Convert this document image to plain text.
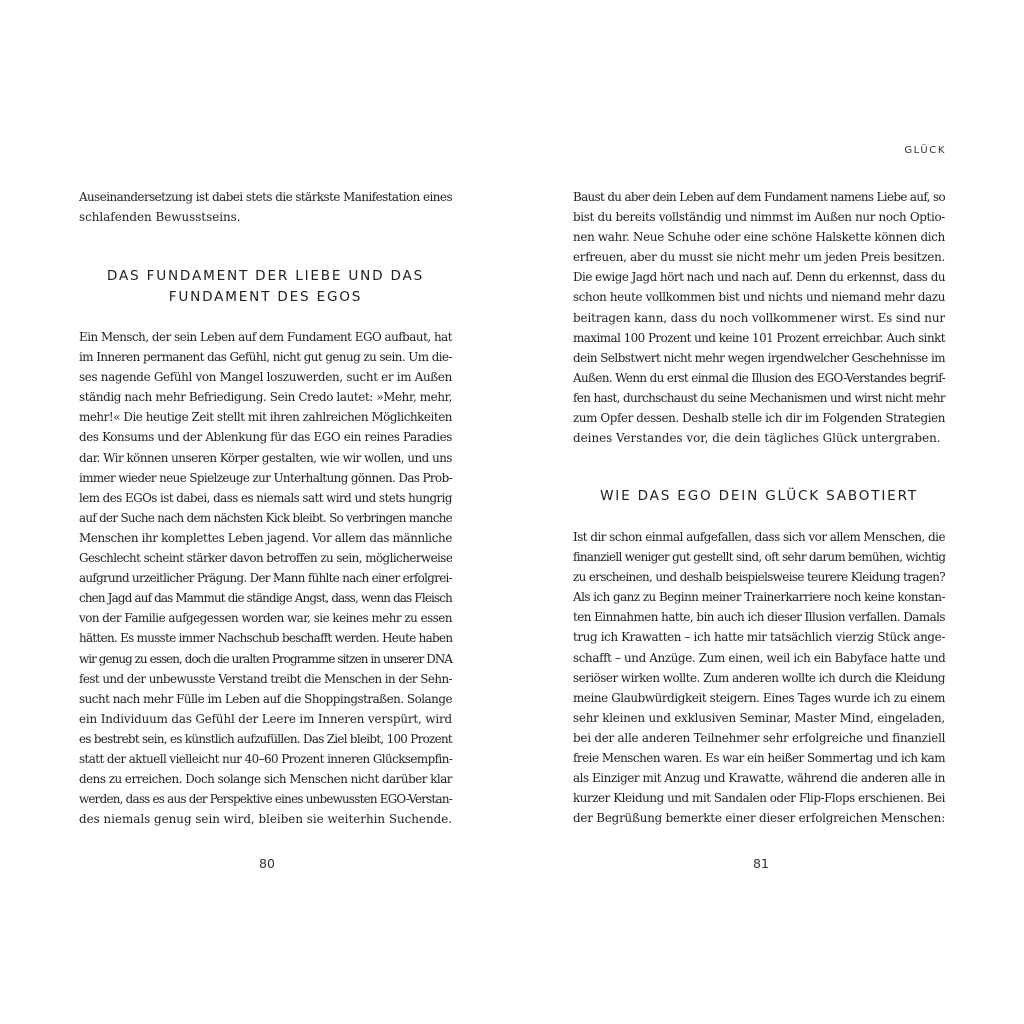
Auseinandersetzung ist dabei stets die stärkste Manifestation eines
schlafenden Bewusstseins.
DAS FUNDAMENT DER LIEBE UND DAS
FUNDAMENT DES EGOS
Ein Mensch, der sein Leben auf dem Fundament EGO aufbaut, hat
im Inneren permanent das Gefühl, nicht gut genug zu sein. Um die-
ses nagende Gefühl von Mangel loszuwerden, sucht er im Außen
ständig nach mehr Befriedigung. Sein Credo lautet: »Mehr, mehr,
mehr!« Die heutige Zeit stellt mit ihren zahlreichen Möglichkeiten
des Konsums und der Ablenkung für das EGO ein reines Paradies
dar. Wir können unseren Körper gestalten, wie wir wollen, und uns
immer wieder neue Spielzeuge zur Unterhaltung gönnen. Das Prob-
lem des EGOs ist dabei, dass es niemals satt wird und stets hungrig
auf der Suche nach dem nächsten Kick bleibt. So verbringen manche
Menschen ihr komplettes Leben jagend. Vor allem das männliche
Geschlecht scheint stärker davon betroffen zu sein, möglicherweise
aufgrund urzeitlicher Prägung. Der Mann fühlte nach einer erfolgrei-
chen Jagd auf das Mammut die ständige Angst, dass, wenn das Fleisch
von der Familie aufgegessen worden war, sie keines mehr zu essen
hätten. Es musste immer Nachschub beschafft werden. Heute haben
wir genug zu essen, doch die uralten Programme sitzen in unserer DNA
fest und der unbewusste Verstand treibt die Menschen in der Sehn-
sucht nach mehr Fülle im Leben auf die Shoppingstraßen. Solange
ein Individuum das Gefühl der Leere im Inneren verspürt, wird
es bestrebt sein, es künstlich aufzufüllen. Das Ziel bleibt, 100 Prozent
statt der aktuell vielleicht nur 40–60 Prozent inneren Glücksempfin-
dens zu erreichen. Doch solange sich Menschen nicht darüber klar
werden, dass es aus der Perspektive eines unbewussten EGO-Verstan-
des niemals genug sein wird, bleiben sie weiterhin Suchende.
80
GLÜCK
Baust du aber dein Leben auf dem Fundament namens Liebe auf, so
bist du bereits vollständig und nimmst im Außen nur noch Optio-
nen wahr. Neue Schuhe oder eine schöne Halskette können dich
erfreuen, aber du musst sie nicht mehr um jeden Preis besitzen.
Die ewige Jagd hört nach und nach auf. Denn du erkennst, dass du
schon heute vollkommen bist und nichts und niemand mehr dazu
beitragen kann, dass du noch vollkommener wirst. Es sind nur
maximal 100 Prozent und keine 101 Prozent erreichbar. Auch sinkt
dein Selbstwert nicht mehr wegen irgendwelcher Geschehnisse im
Außen. Wenn du erst einmal die Illusion des EGO-Verstandes begrif-
fen hast, durchschaust du seine Mechanismen und wirst nicht mehr
zum Opfer dessen. Deshalb stelle ich dir im Folgenden Strategien
deines Verstandes vor, die dein tägliches Glück untergraben.
WIE DAS EGO DEIN GLÜCK SABOTIERT
Ist dir schon einmal aufgefallen, dass sich vor allem Menschen, die
finanziell weniger gut gestellt sind, oft sehr darum bemühen, wichtig
zu erscheinen, und deshalb beispielsweise teurere Kleidung tragen?
Als ich ganz zu Beginn meiner Trainerkarriere noch keine konstan-
ten Einnahmen hatte, bin auch ich dieser Illusion verfallen. Damals
trug ich Krawatten – ich hatte mir tatsächlich vierzig Stück ange-
schafft – und Anzüge. Zum einen, weil ich ein Babyface hatte und
seriöser wirken wollte. Zum anderen wollte ich durch die Kleidung
meine Glaubwürdigkeit steigern. Eines Tages wurde ich zu einem
sehr kleinen und exklusiven Seminar, Master Mind, eingeladen,
bei der alle anderen Teilnehmer sehr erfolgreiche und finanziell
freie Menschen waren. Es war ein heißer Sommertag und ich kam
als Einziger mit Anzug und Krawatte, während die anderen alle in
kurzer Kleidung und mit Sandalen oder Flip-Flops erschienen. Bei
der Begrüßung bemerkte einer dieser erfolgreichen Menschen:
81
